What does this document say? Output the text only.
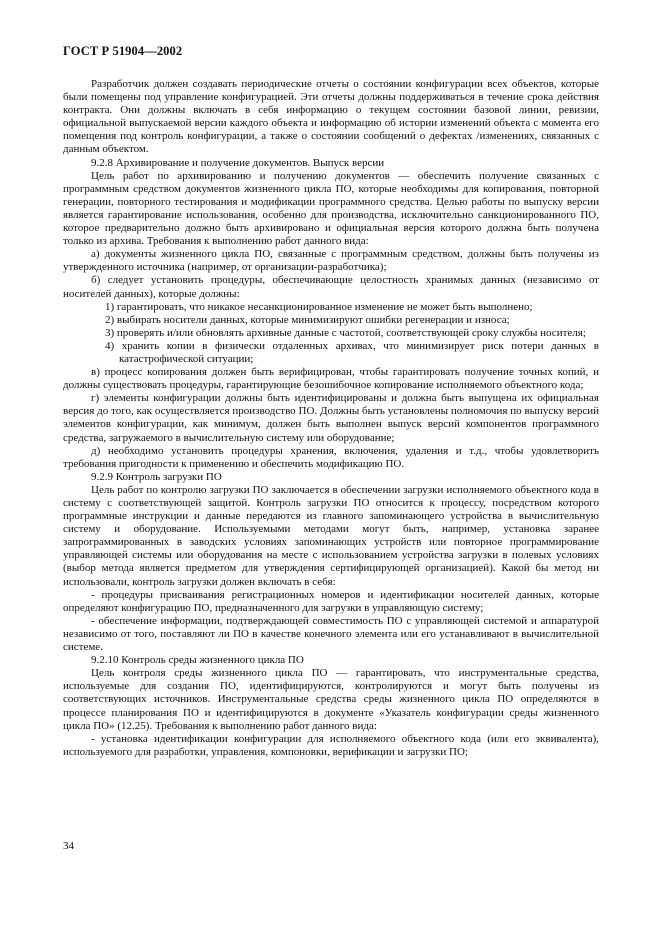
ГОСТ Р 51904—2002

Разработчик должен создавать периодические отчеты о состоянии конфигурации всех объектов, которые были помещены под управление конфигурацией. Эти отчеты должны поддерживаться в течение срока действия контракта. Они должны включать в себя информацию о текущем состоянии базовой линии, ревизии, официальной выпускаемой версии каждого объекта и информацию об истории изменений объекта с момента его помещения под контроль конфигурации, а также о состоянии сообщений о дефектах /изменениях, связанных с данным объектом.

9.2.8 Архивирование и получение документов. Выпуск версии

Цель работ по архивированию и получению документов — обеспечить получение связанных с программным средством документов жизненного цикла ПО, которые необходимы для копирования, повторной генерации, повторного тестирования и модификации программного средства. Целью работы по выпуску версии является гарантирование использования, особенно для производства, исключительно санкционированного ПО, которое предварительно должно быть архивировано и официальная версия которого должна быть получена только из архива. Требования к выполнению работ данного вида:

а) документы жизненного цикла ПО, связанные с программным средством, должны быть получены из утвержденного источника (например, от организации-разработчика);

б) следует установить процедуры, обеспечивающие целостность хранимых данных (независимо от носителей данных), которые должны:

1) гарантировать, что никакое несанкционированное изменение не может быть выполнено;

2) выбирать носители данных, которые минимизируют ошибки регенерации и износа;

3) проверять и/или обновлять архивные данные с частотой, соответствующей сроку службы носителя;

4) хранить копии в физически отдаленных архивах, что минимизирует риск потери данных в катастрофической ситуации;

в) процесс копирования должен быть верифицирован, чтобы гарантировать получение точных копий, и должны существовать процедуры, гарантирующие безошибочное копирование исполняемого объектного кода;

г) элементы конфигурации должны быть идентифицированы и должна быть выпущена их официальная версия до того, как осуществляется производство ПО. Должны быть установлены полномочия по выпуску версий элементов конфигурации, как минимум, должен быть выполнен выпуск версий компонентов программного средства, загружаемого в вычислительную систему или оборудование;

д) необходимо установить процедуры хранения, включения, удаления и т.д., чтобы удовлетворить требования пригодности к применению и обеспечить модификацию ПО.

9.2.9 Контроль загрузки ПО

Цель работ по контролю загрузки ПО заключается в обеспечении загрузки исполняемого объектного кода в систему с соответствующей защитой. Контроль загрузки ПО относится к процессу, посредством которого программные инструкции и данные передаются из главного запоминающего устройства в вычислительную систему и оборудование. Используемыми методами могут быть, например, установка заранее запрограммированных в заводских условиях запоминающих устройств или повторное программирование управляющей системы или оборудования на месте с использованием устройства загрузки в полевых условиях (выбор метода является предметом для утверждения сертифицирующей организацией). Какой бы метод ни использовали, контроль загрузки должен включать в себя:

- процедуры присваивания регистрационных номеров и идентификации носителей данных, которые определяют конфигурацию ПО, предназначенного для загрузки в управляющую систему;

- обеспечение информации, подтверждающей совместимость ПО с управляющей системой и аппаратурой независимо от того, поставляют ли ПО в качестве конечного элемента или его устанавливают в вычислительной системе.

9.2.10 Контроль среды жизненного цикла ПО

Цель контроля среды жизненного цикла ПО — гарантировать, что инструментальные средства, используемые для создания ПО, идентифицируются, контролируются и могут быть получены из соответствующих источников. Инструментальные средства среды жизненного цикла ПО определяются в процессе планирования ПО и идентифицируются в документе «Указатель конфигурации среды жизненного цикла ПО» (12.25). Требования к выполнению работ данного вида:

- установка идентификации конфигурации для исполняемого объектного кода (или его эквивалента), используемого для разработки, управления, компоновки, верификации и загрузки ПО;

34
